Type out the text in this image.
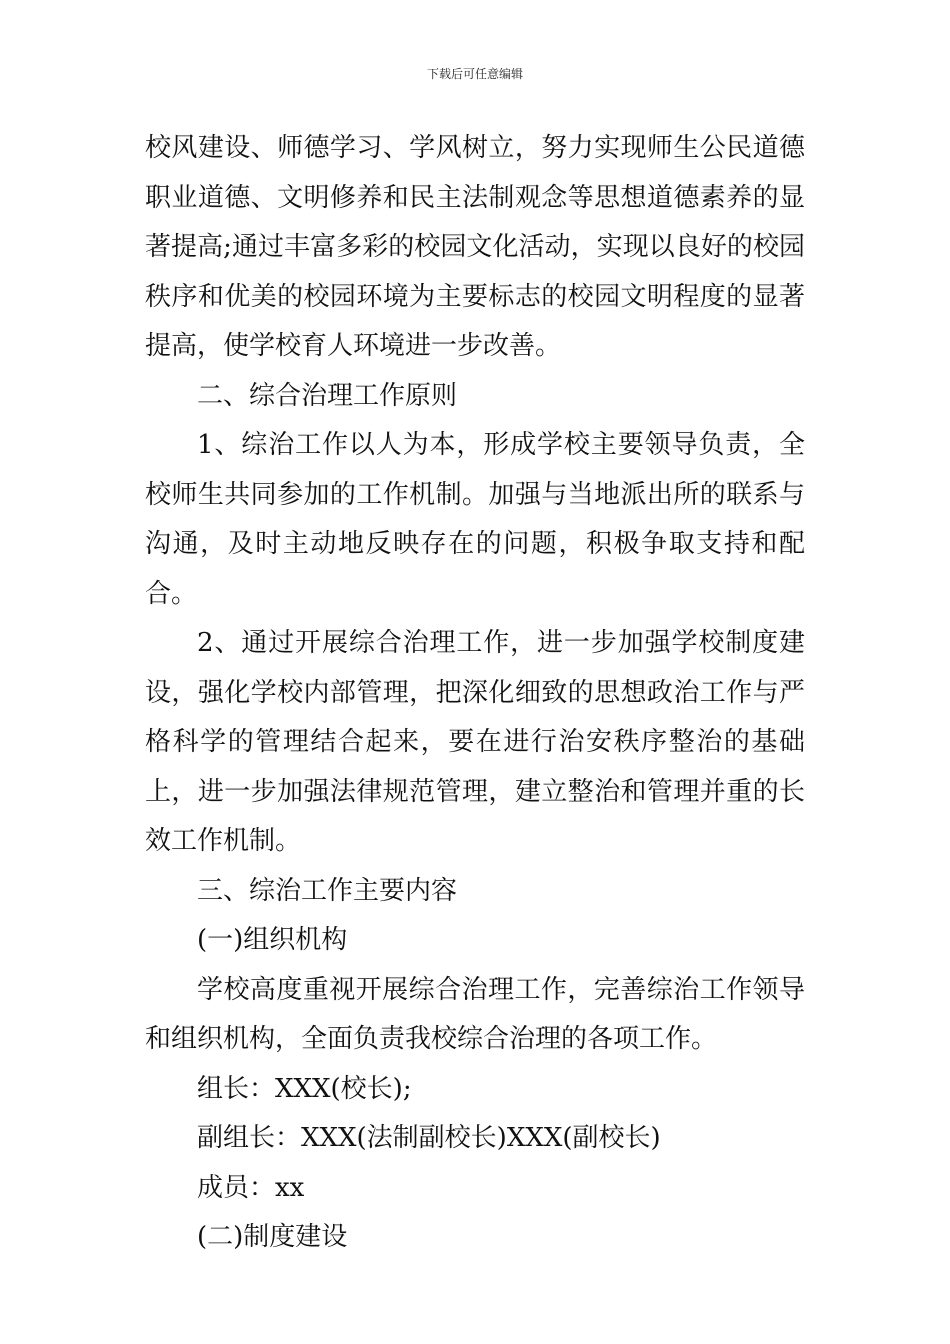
下载后可任意编辑

校风建设、师德学习、学风树立，努力实现师生公民道德职业道德、文明修养和民主法制观念等思想道德素养的显著提高;通过丰富多彩的校园文化活动，实现以良好的校园秩序和优美的校园环境为主要标志的校园文明程度的显著提高，使学校育人环境进一步改善。

二、综合治理工作原则

1、综治工作以人为本，形成学校主要领导负责，全校师生共同参加的工作机制。加强与当地派出所的联系与沟通，及时主动地反映存在的问题，积极争取支持和配合。

2、通过开展综合治理工作，进一步加强学校制度建设，强化学校内部管理，把深化细致的思想政治工作与严格科学的管理结合起来，要在进行治安秩序整治的基础上，进一步加强法律规范管理，建立整治和管理并重的长效工作机制。

三、综治工作主要内容

(一)组织机构

学校高度重视开展综合治理工作，完善综治工作领导和组织机构，全面负责我校综合治理的各项工作。

组长：XXX(校长);

副组长：XXX(法制副校长)XXX(副校长)

成员：xx

(二)制度建设
